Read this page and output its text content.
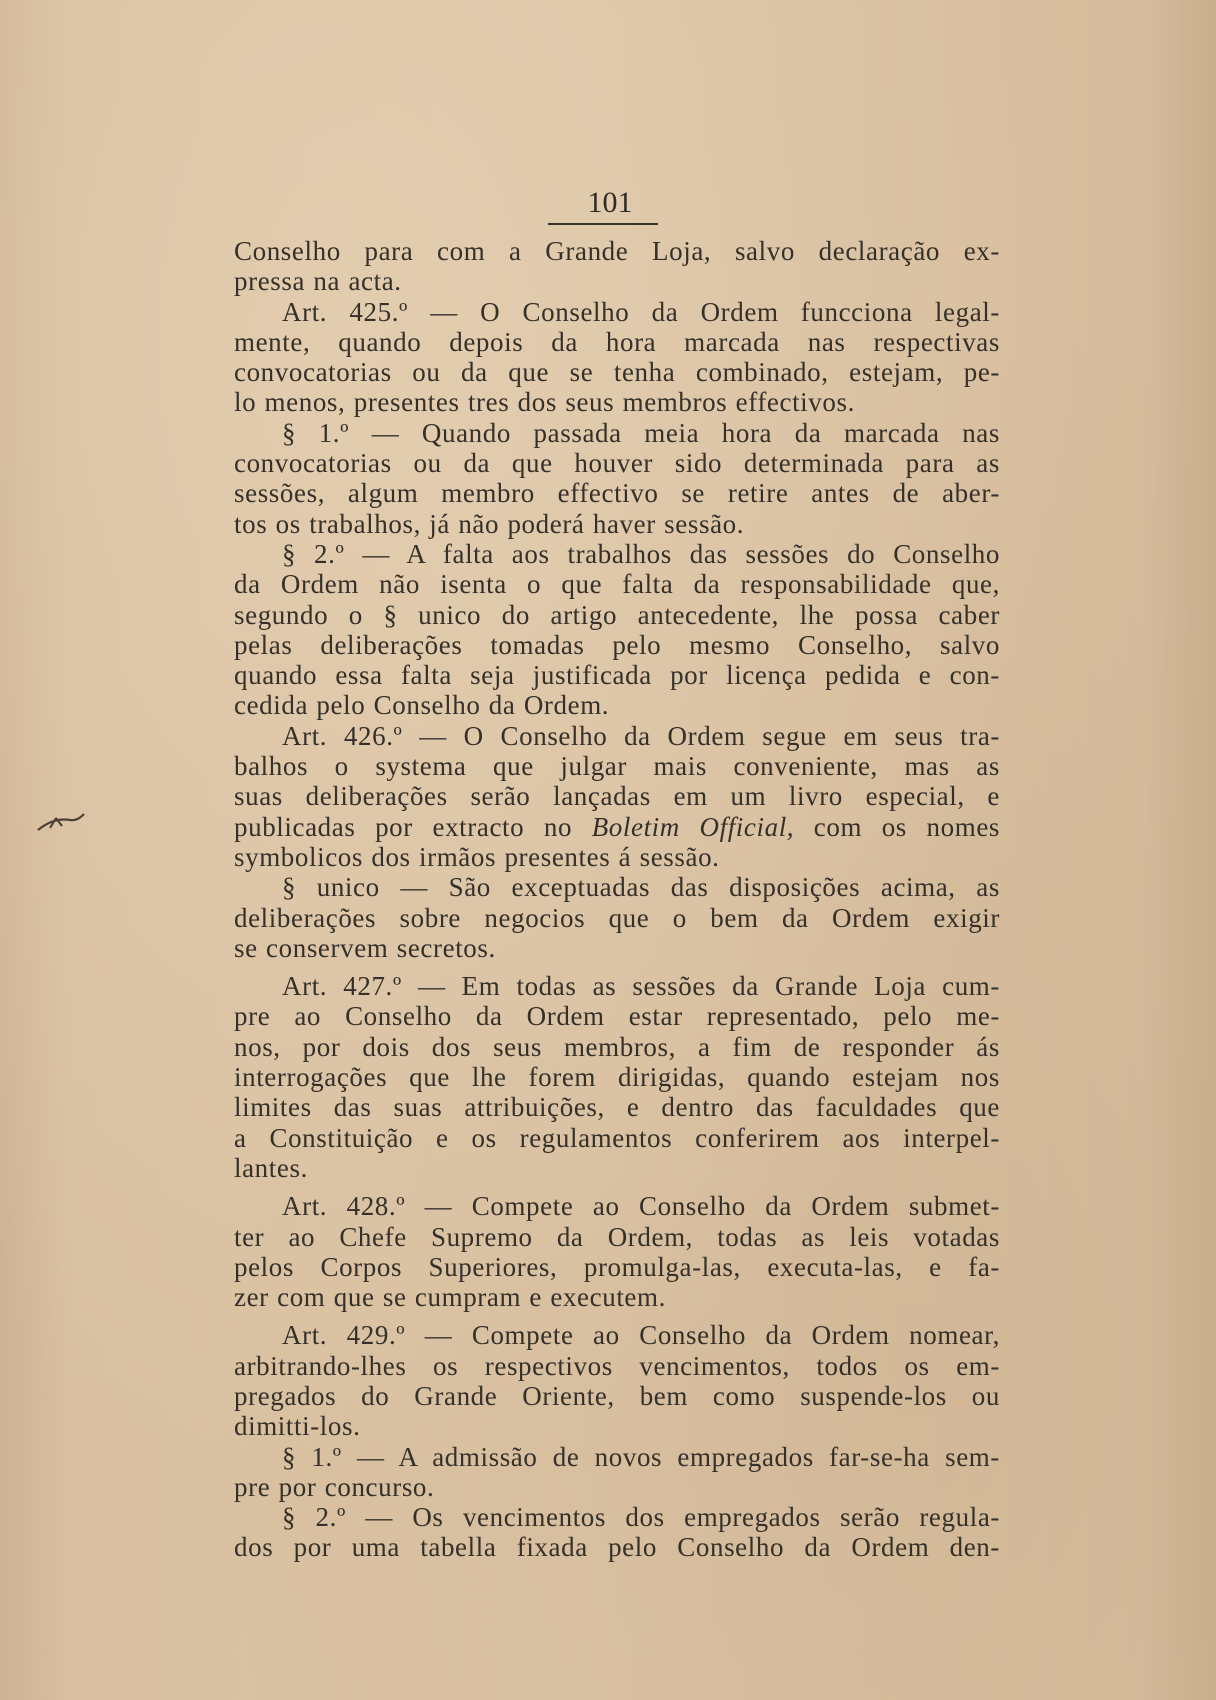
101
Conselho para com a Grande Loja, salvo declaração ex-
pressa na acta.
Art. 425.º — O Conselho da Ordem funcciona legal-
mente, quando depois da hora marcada nas respectivas
convocatorias ou da que se tenha combinado, estejam, pe-
lo menos, presentes tres dos seus membros effectivos.
§ 1.º — Quando passada meia hora da marcada nas
convocatorias ou da que houver sido determinada para as
sessões, algum membro effectivo se retire antes de aber-
tos os trabalhos, já não poderá haver sessão.
§ 2.º — A falta aos trabalhos das sessões do Conselho
da Ordem não isenta o que falta da responsabilidade que,
segundo o § unico do artigo antecedente, lhe possa caber
pelas deliberações tomadas pelo mesmo Conselho, salvo
quando essa falta seja justificada por licença pedida e con-
cedida pelo Conselho da Ordem.
Art. 426.º — O Conselho da Ordem segue em seus tra-
balhos o systema que julgar mais conveniente, mas as
suas deliberações serão lançadas em um livro especial, e
publicadas por extracto no Boletim Official, com os nomes
symbolicos dos irmãos presentes á sessão.
§ unico — São exceptuadas das disposições acima, as
deliberações sobre negocios que o bem da Ordem exigir
se conservem secretos.
Art. 427.º — Em todas as sessões da Grande Loja cum-
pre ao Conselho da Ordem estar representado, pelo me-
nos, por dois dos seus membros, a fim de responder ás
interrogações que lhe forem dirigidas, quando estejam nos
limites das suas attribuições, e dentro das faculdades que
a Constituição e os regulamentos conferirem aos interpel-
lantes.
Art. 428.º — Compete ao Conselho da Ordem submet-
ter ao Chefe Supremo da Ordem, todas as leis votadas
pelos Corpos Superiores, promulga-las, executa-las, e fa-
zer com que se cumpram e executem.
Art. 429.º — Compete ao Conselho da Ordem nomear,
arbitrando-lhes os respectivos vencimentos, todos os em-
pregados do Grande Oriente, bem como suspende-los ou
dimitti-los.
§ 1.º — A admissão de novos empregados far-se-ha sem-
pre por concurso.
§ 2.º — Os vencimentos dos empregados serão regula-
dos por uma tabella fixada pelo Conselho da Ordem den-
